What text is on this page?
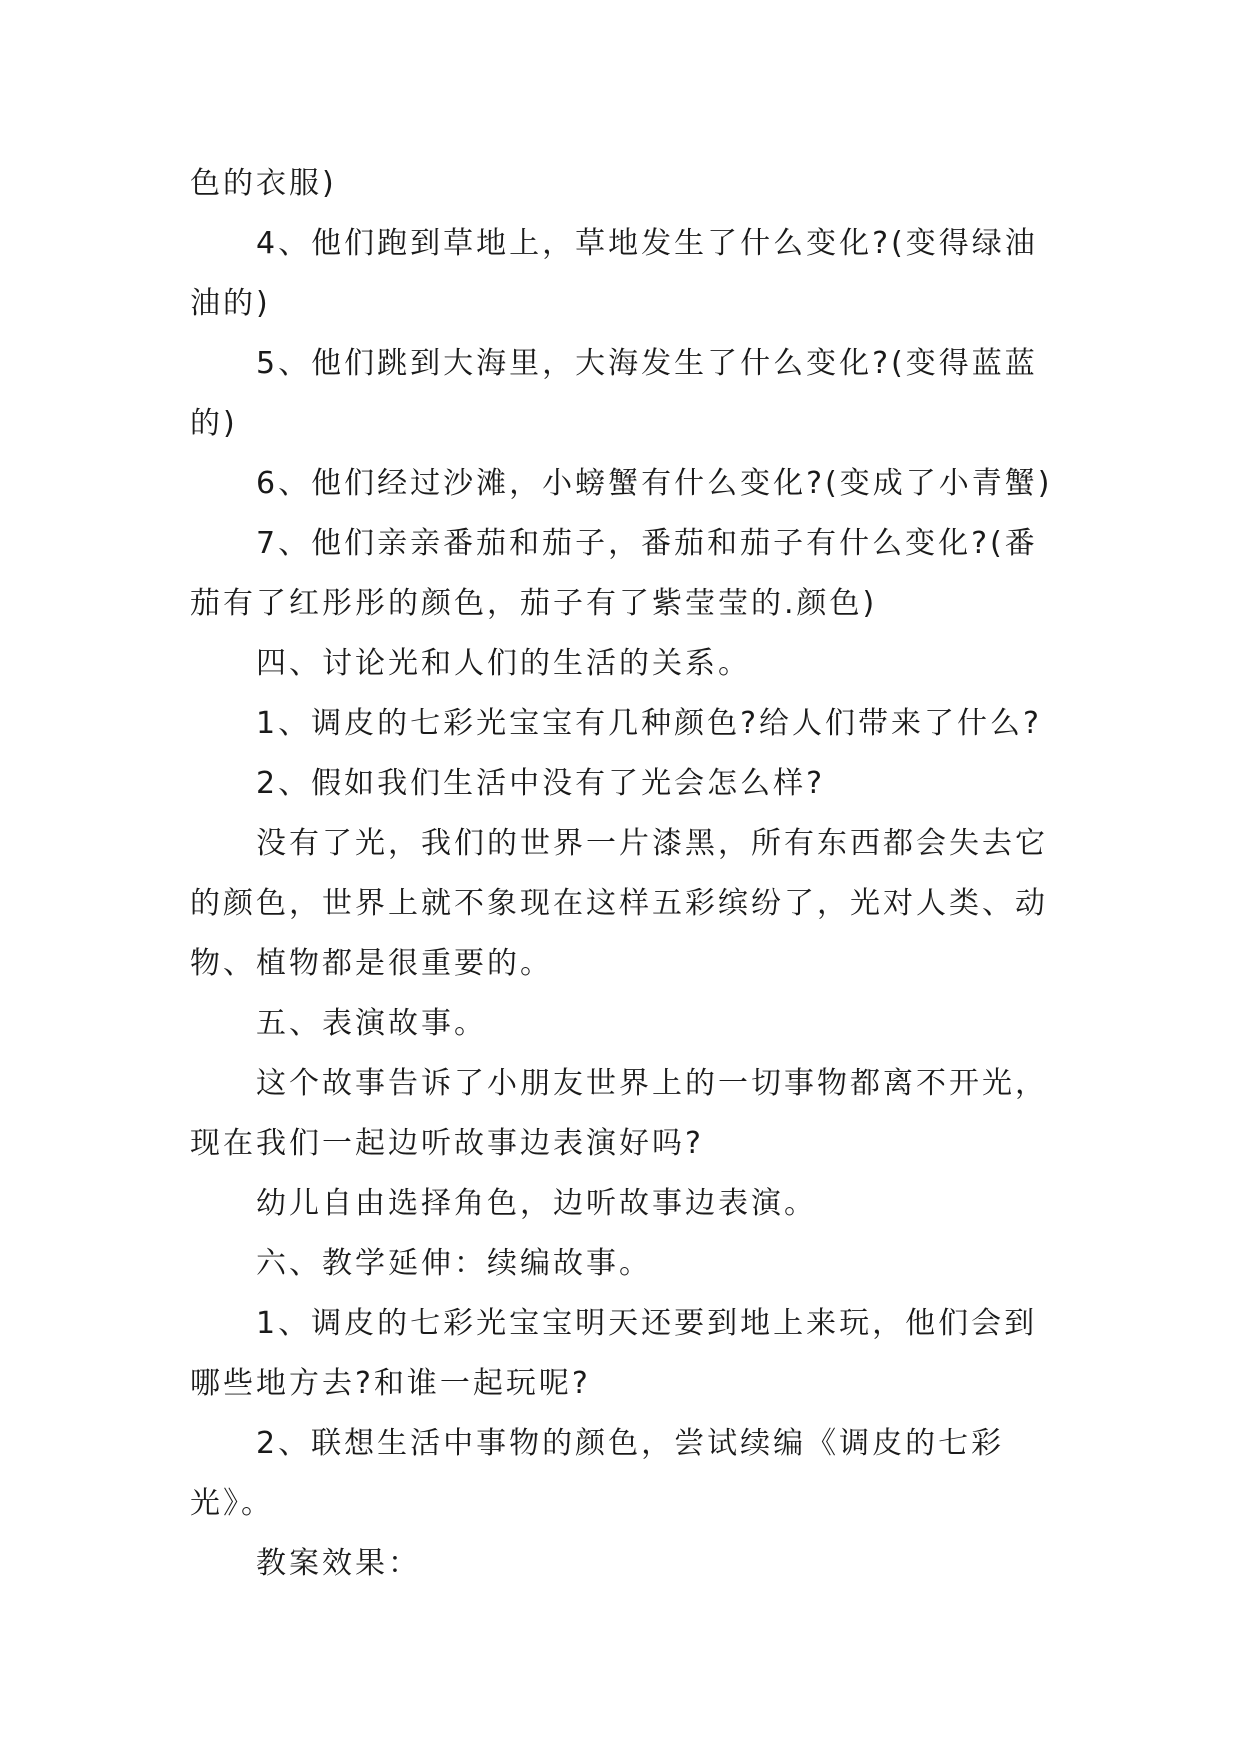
色的衣服)
4、他们跑到草地上，草地发生了什么变化?(变得绿油
油的)
5、他们跳到大海里，大海发生了什么变化?(变得蓝蓝
的)
6、他们经过沙滩，小螃蟹有什么变化?(变成了小青蟹)
7、他们亲亲番茄和茄子，番茄和茄子有什么变化?(番
茄有了红彤彤的颜色，茄子有了紫莹莹的.颜色)
四、讨论光和人们的生活的关系。
1、调皮的七彩光宝宝有几种颜色?给人们带来了什么?
2、假如我们生活中没有了光会怎么样?
没有了光，我们的世界一片漆黑，所有东西都会失去它
的颜色，世界上就不象现在这样五彩缤纷了，光对人类、动
物、植物都是很重要的。
五、表演故事。
这个故事告诉了小朋友世界上的一切事物都离不开光，
现在我们一起边听故事边表演好吗?
幼儿自由选择角色，边听故事边表演。
六、教学延伸：续编故事。
1、调皮的七彩光宝宝明天还要到地上来玩，他们会到
哪些地方去?和谁一起玩呢?
2、联想生活中事物的颜色，尝试续编《调皮的七彩
光》。
教案效果：
